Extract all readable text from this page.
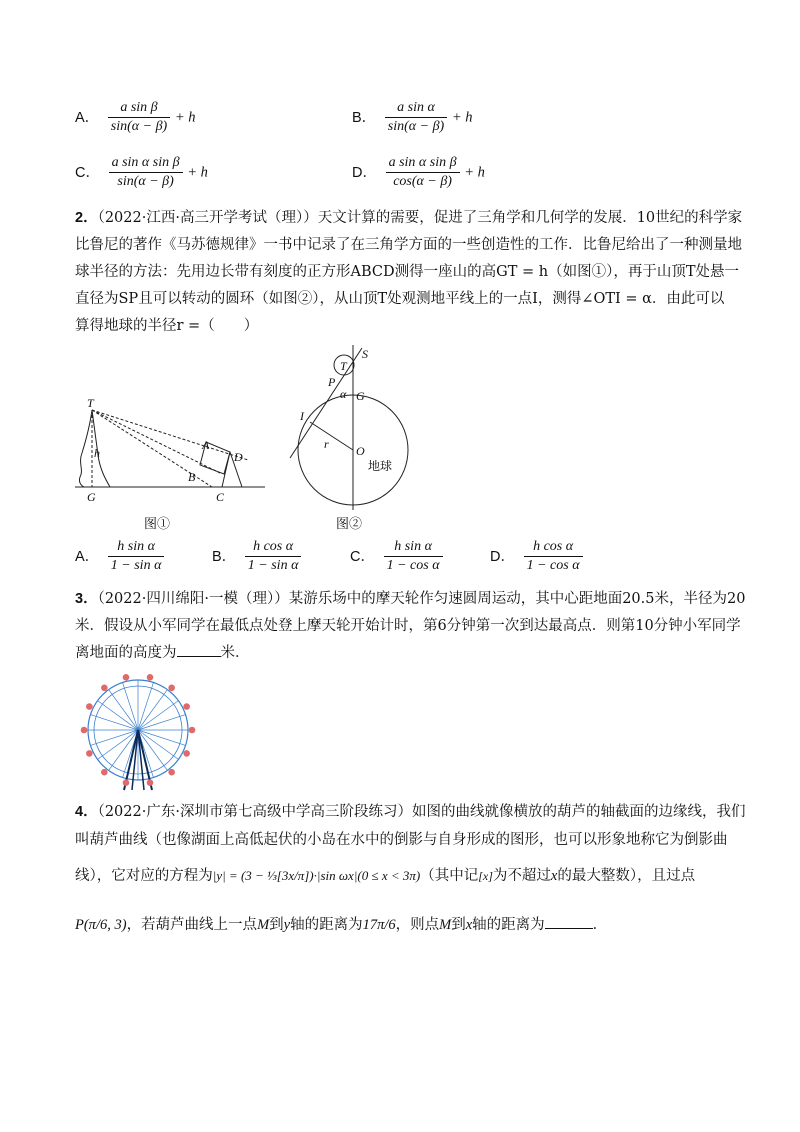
A． $\frac{\text{a sin β}}{\sin(\alpha - \beta)} + h$	B． $\frac{\text{a sin α}}{\sin(\alpha - \beta)} + h$
C． $\frac{\text{a sin α sin β}}{\sin(\alpha - \beta)} + h$	D． $\frac{\text{a sin α sin β}}{\cos(\alpha - \beta)} + h$
2．（2022·江西·高三开学考试（理））天文计算的需要，促进了三角学和几何学的发展．10世纪的科学家
比鲁尼的著作《马苏德规律》一书中记录了在三角学方面的一些创造性的工作．比鲁尼给出了一种测量地
球半径的方法：先用边长带有刻度的正方形ABCD测得一座山的高GT = h（如图①），再于山顶T处悬一
直径为SP且可以转动的圆环（如图②），从山顶T处观测地平线上的一点I，测得∠OTI = α．由此可以
算得地球的半径r =（　　）
T
h
G
B
C
A
D
图①
S
T
P
α G
I
r O
地球
图②
A． $\frac{\text{h sin α}}{\text{1 − sin α}}$	B． $\frac{\text{h cos α}}{\text{1 − sin α}}$	C． $\frac{\text{h sin α}}{\text{1 − cos α}}$	D． $\frac{\text{h cos α}}{\text{1 − cos α}}$
3．（2022·四川绵阳·一模（理））某游乐场中的摩天轮作匀速圆周运动，其中心距地面20.5米，半径为20
米．假设从小军同学在最低点处登上摩天轮开始计时，第6分钟第一次到达最高点．则第10分钟小军同学
离地面的高度为	米．
4．（2022·广东·深圳市第七高级中学高三阶段练习）如图的曲线就像横放的葫芦的轴截面的边缘线，我们
叫葫芦曲线（也像湖面上高低起伏的小岛在水中的倒影与自身形成的图形，也可以形象地称它为倒影曲
线），它对应的方程为|y| = (3 − ⅓[3x/π])·|sin ωx|(0 ≤ x < 3π)（其中记[x]为不超过x的最大整数），且过点
P(π/6, 3)，若葫芦曲线上一点M到y轴的距离为17π/6，则点M到x轴的距离为	．
